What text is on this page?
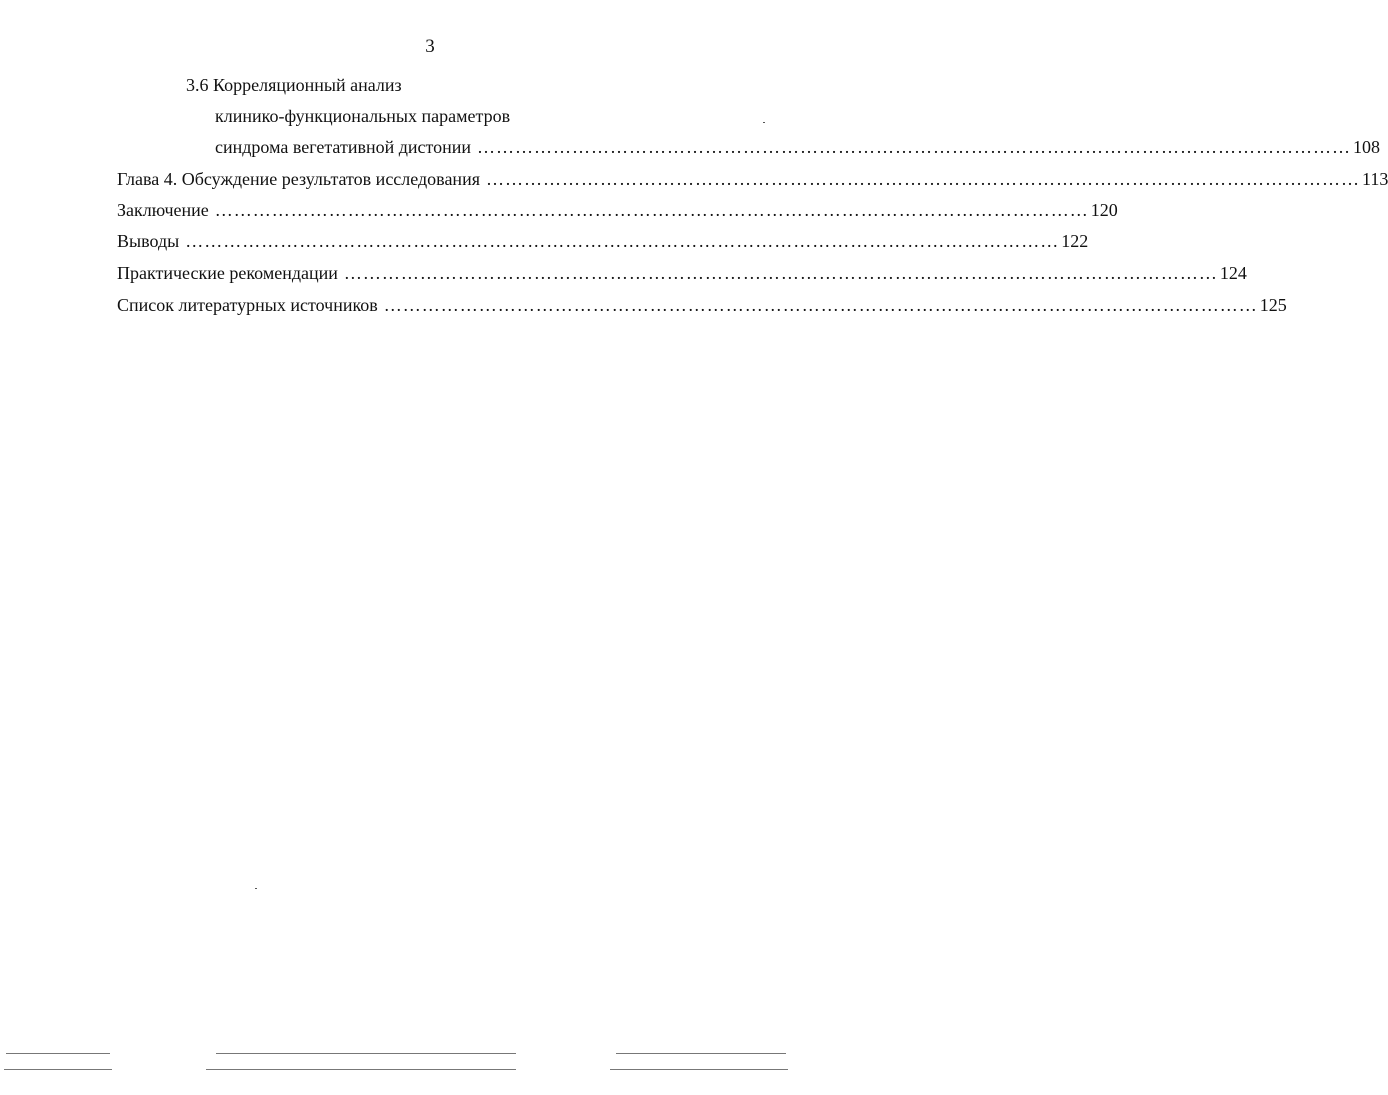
3
3.6 Корреляционный анализ
клинико-функциональных параметров
синдрома вегетативной дистонии ………………………………………………………………………………………………………………………… 108
Глава 4. Обсуждение результатов исследования ………………………………………………………………………………………………………………………… 113
Заключение ………………………………………………………………………………………………………………………… 120
Выводы ………………………………………………………………………………………………………………………… 122
Практические рекомендации ………………………………………………………………………………………………………………………… 124
Список литературных источников ………………………………………………………………………………………………………………………… 125
